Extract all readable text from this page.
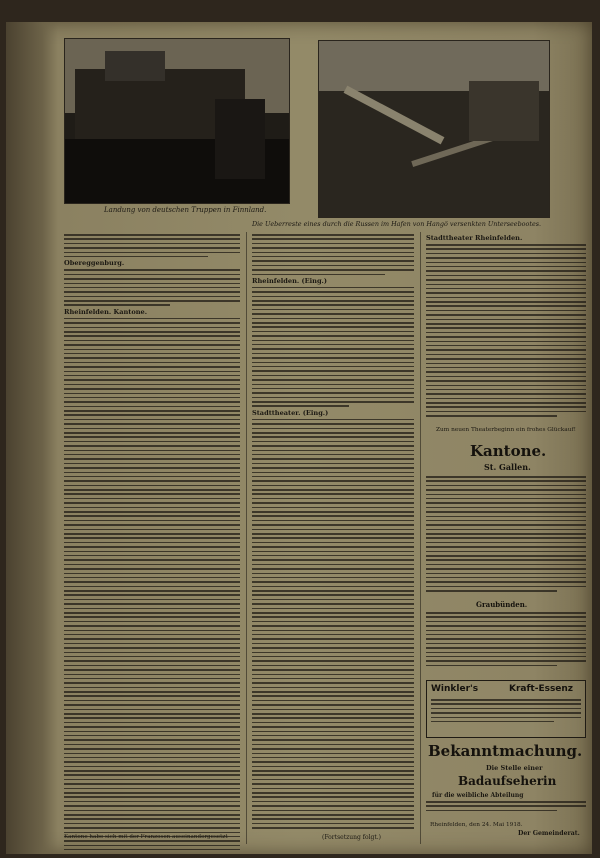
Landung von deutschen Truppen in Finnland.
Die Ueberreste eines durch die Russen im Hafen von Hangö versenkten Unterseebootes.
Obereggenburg.
Rheinfelden. Kantone.
Kantone habe sich mit der Franzosen auseinandergesetzt
Rheinfelden. (Eing.)
Stadttheater. (Eing.)
(Fortsetzung folgt.)
Stadttheater Rheinfelden.
Zum neuen Theaterbeginn ein frohes Glückauf!
Kantone.
St. Gallen.
Graubünden.
Winkler's	Kraft-Essenz
Bekanntmachung.
Die Stelle einer
Badaufseherin
für die weibliche Abteilung
Rheinfelden, den 24. Mai 1918.
Der Gemeinderat.
